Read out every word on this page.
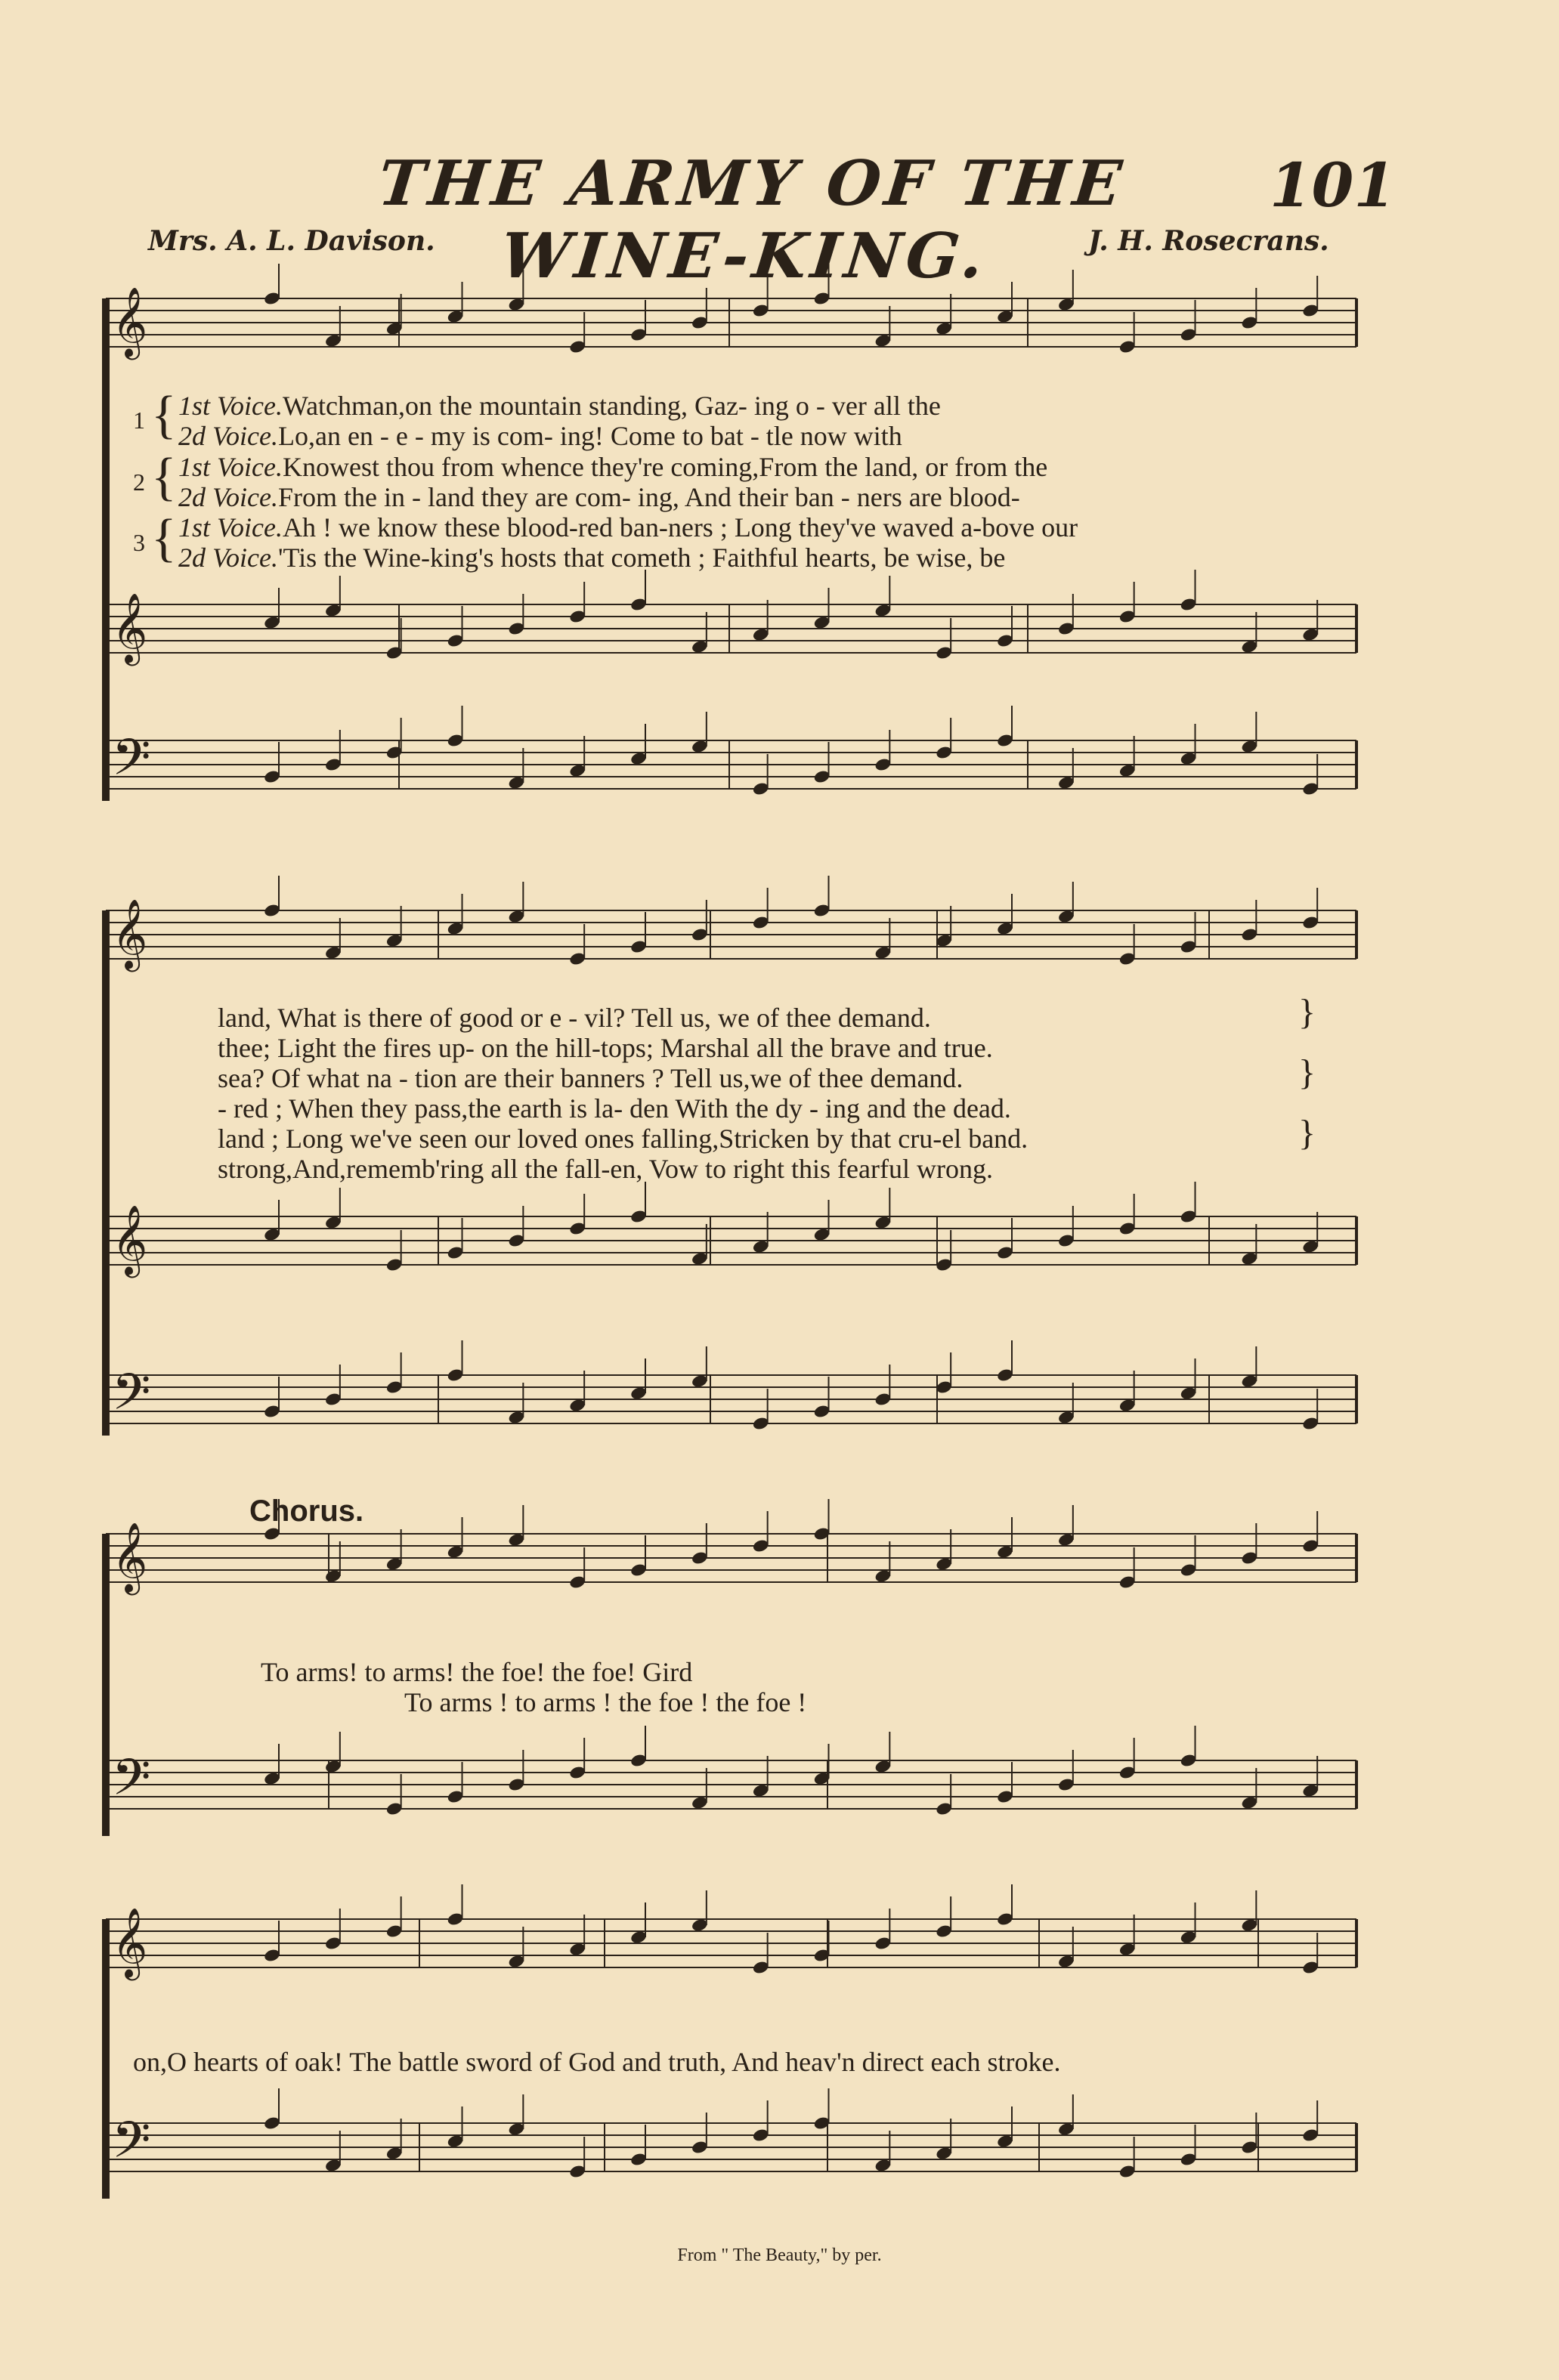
THE ARMY OF THE WINE-KING.
101
Mrs. A. L. Davison.	J. H. Rosecrans.
𝄞
𝄞
𝄢
𝄞
𝄞
𝄢
𝄞
𝄢
𝄞
𝄢
1
2
3
{
{
{
1st Voice.Watchman,on the mountain standing, Gaz- ing o - ver all the
2d Voice.Lo,an en - e - my is com- ing! Come to bat - tle now with
1st Voice.Knowest thou from whence they're coming,From the land, or from the
2d Voice.From the in - land they are com- ing, And their ban - ners are blood-
1st Voice.Ah ! we know these blood-red ban-ners ; Long they've waved a-bove our
2d Voice.'Tis the Wine-king's hosts that cometh ; Faithful hearts, be wise, be
land, What is there of good or e - vil? Tell us, we of thee demand.
thee; Light the fires up- on the hill-tops; Marshal all the brave and true.
sea? Of what na - tion are their banners ? Tell us,we of thee demand.
- red ; When they pass,the earth is la- den With the dy - ing and the dead.
land ; Long we've seen our loved ones falling,Stricken by that cru-el band.
strong,And,rememb'ring all the fall-en, Vow to right this fearful wrong.
}
}
}
Chorus.
To arms! to arms! the foe! the foe! Gird
To arms ! to arms ! the foe ! the foe !
on,O hearts of oak! The battle sword of God and truth, And heav'n direct each stroke.
From " The Beauty," by per.
